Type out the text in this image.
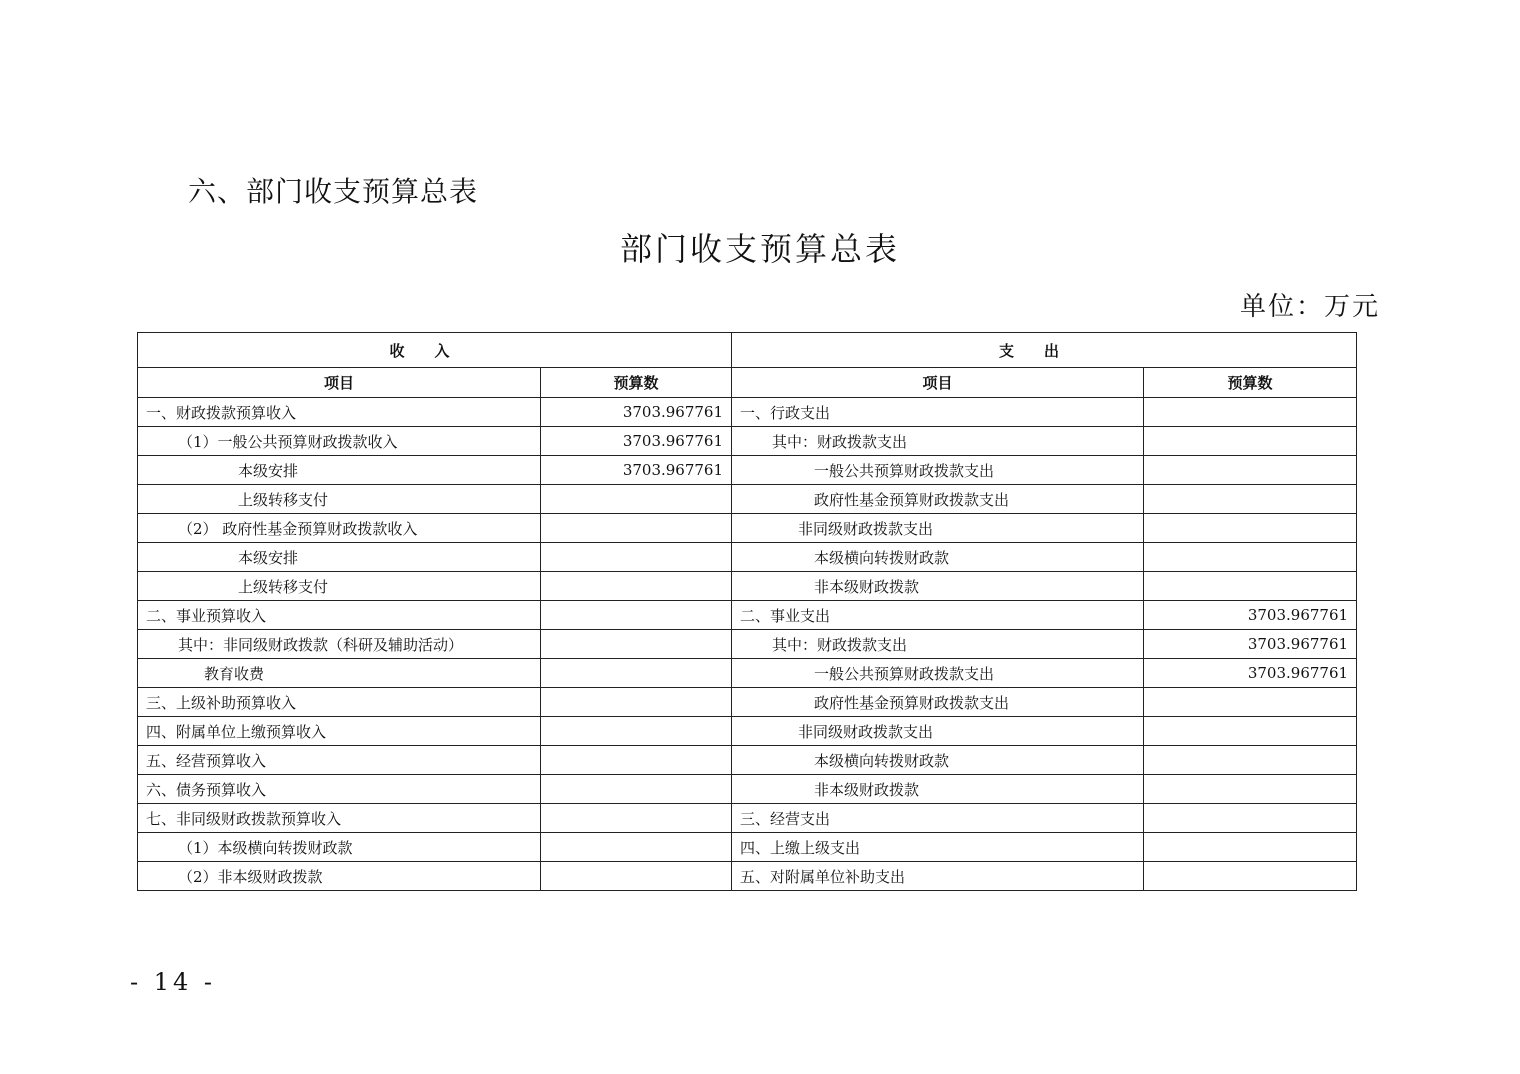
六、部门收支预算总表
部门收支预算总表
单位：万元
收入		支出	
项目	预算数	项目	预算数
一、财政拨款预算收入	3703.967761	一、行政支出	
（1）一般公共预算财政拨款收入	3703.967761	其中：财政拨款支出	
本级安排	3703.967761	一般公共预算财政拨款支出	
上级转移支付		政府性基金预算财政拨款支出	
（2） 政府性基金预算财政拨款收入		非同级财政拨款支出	
本级安排		本级横向转拨财政款	
上级转移支付		非本级财政拨款	
二、事业预算收入		二、事业支出	3703.967761
其中：非同级财政拨款（科研及辅助活动）		其中：财政拨款支出	3703.967761
教育收费		一般公共预算财政拨款支出	3703.967761
三、上级补助预算收入		政府性基金预算财政拨款支出	
四、附属单位上缴预算收入		非同级财政拨款支出	
五、经营预算收入		本级横向转拨财政款	
六、债务预算收入		非本级财政拨款	
七、非同级财政拨款预算收入		三、经营支出	
（1）本级横向转拨财政款		四、上缴上级支出	
（2）非本级财政拨款		五、对附属单位补助支出	
- 14 -
